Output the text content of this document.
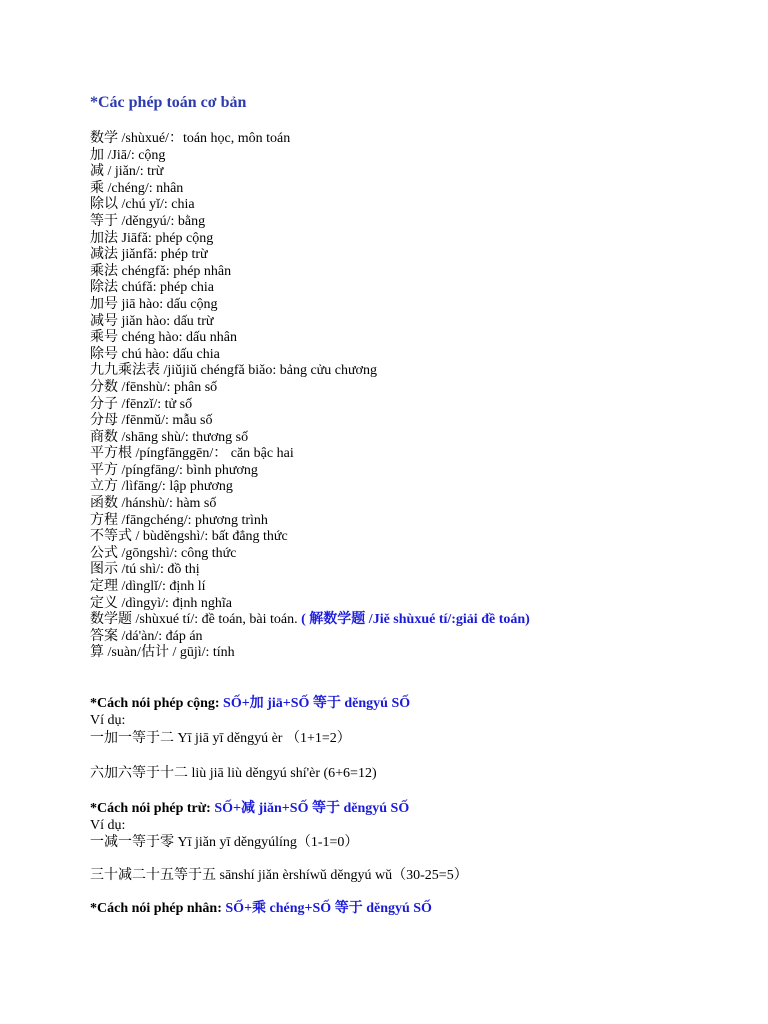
*Các phép toán cơ bản
数学 /shùxué/：toán học, môn toán
加 /Jiā/: cộng
减 / jiǎn/: trừ
乘 /chéng/: nhân
除以 /chú yǐ/: chia
等于 /děngyú/: bằng
加法 Jiāfǎ: phép cộng
减法 jiǎnfǎ: phép trừ
乘法 chéngfǎ: phép nhân
除法 chúfǎ: phép chia
加号 jiā hào: dấu cộng
减号 jiǎn hào: dấu trừ
乘号 chéng hào: dấu nhân
除号 chú hào: dấu chia
九九乘法表 /jiǔjiǔ chéngfǎ biǎo: bảng cửu chương
分数 /fēnshù/: phân số
分子 /fēnzǐ/: tử số
分母 /fēnmǔ/: mẫu số
商数 /shāng shù/: thương số
平方根 /píngfānggēn/： căn bậc hai
平方 /píngfāng/: bình phương
立方 /lìfāng/: lập phương
函数 /hánshù/: hàm số
方程 /fāngchéng/: phương trình
不等式 / bùděngshì/: bất đẳng thức
公式 /gōngshì/: công thức
图示 /tú shì/: đồ thị
定理 /dìnglǐ/: định lí
定义 /dìngyì/: định nghĩa
数学题 /shùxué tí/: đề toán, bài toán. ( 解数学题 /Jiě shùxué tí/:giải đề toán)
答案 /dá'àn/: đáp án
算 /suàn/估计 / gūjì/: tính
*Cách nói phép cộng: SỐ+加 jiā+SỐ 等于 děngyú SỐ
Ví dụ:
一加一等于二 Yī jiā yī děngyú èr （1+1=2）
六加六等于十二 liù jiā liù děngyú shí'èr (6+6=12)
*Cách nói phép trừ: SỐ+减 jiǎn+SỐ 等于 děngyú SỐ
Ví dụ:
一减一等于零 Yī jiǎn yī děngyúlíng（1-1=0）
三十减二十五等于五 sānshí jiǎn èrshíwǔ děngyú wǔ（30-25=5）
*Cách nói phép nhân: SỐ+乘 chéng+SỐ 等于 děngyú SỐ
